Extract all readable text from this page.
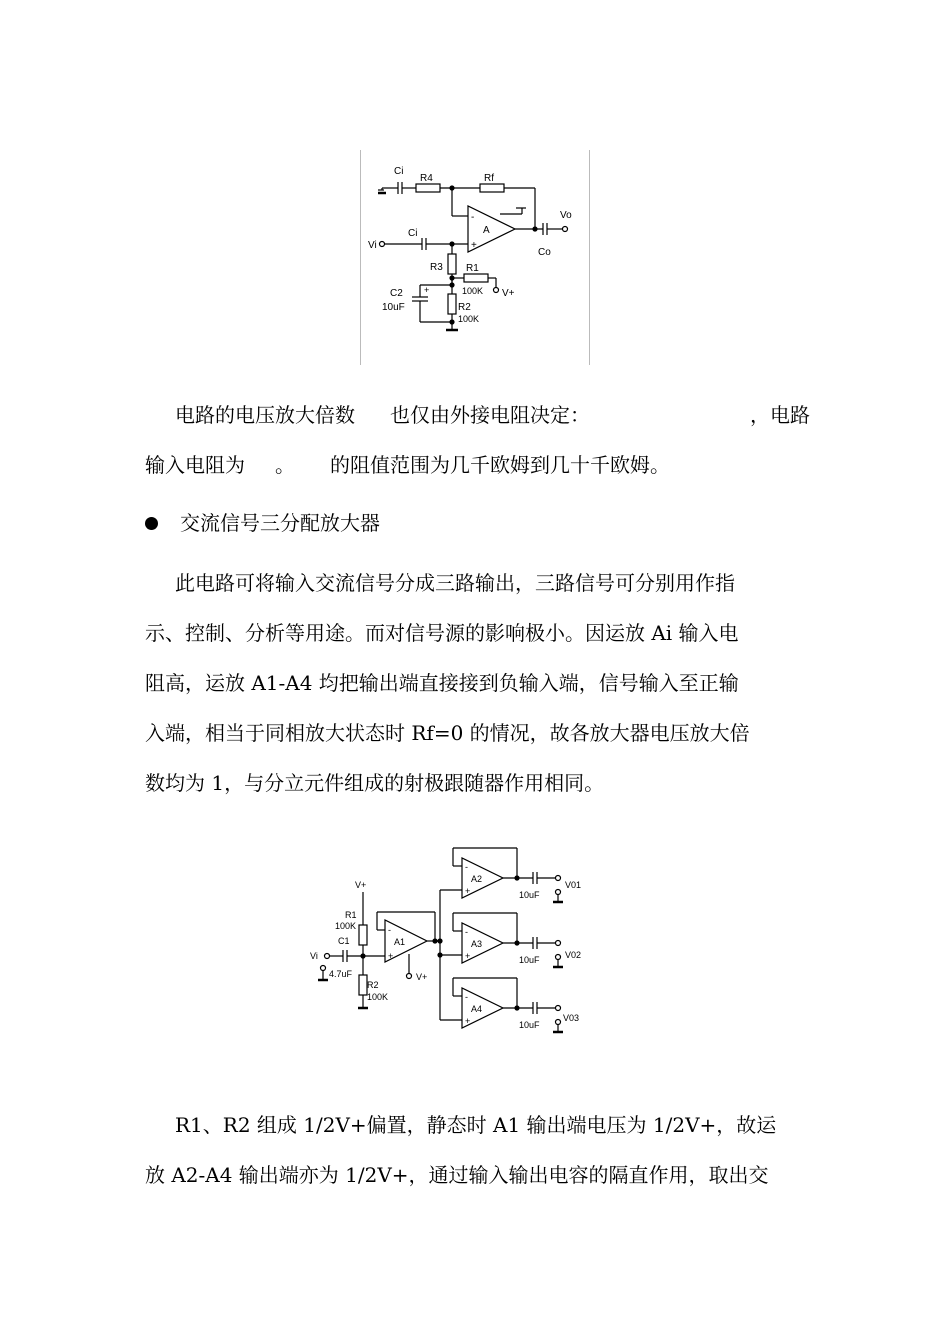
Ci
R4	Rf
Vo
Vi
Ci	A
-
+
Co
R3 R1
100K V+
C2
10uF	R2
100K
+
电路的电压放大倍数 也仅由外接电阻决定：	，电路
输入电阻为 。 的阻值范围为几千欧姆到几十千欧姆。
交流信号三分配放大器
此电路可将输入交流信号分成三路输出，三路信号可分别用作指
示、控制、分析等用途。而对信号源的影响极小。因运放 Ai 输入电
阻高，运放 A1-A4 均把输出端直接接到负输入端，信号输入至正输
入端，相当于同相放大状态时 Rf=0 的情况，故各放大器电压放大倍
数均为 1，与分立元件组成的射极跟随器作用相同。
V+
R1
100K
C1
Vi
4.7uF
R2
100K
A1
-
+
V+
A2
-
+
A3
-
+
A4
-
+
10uF
10uF
10uF
V01
V02
V03
R1、R2 组成 1/2V+偏置，静态时 A1 输出端电压为 1/2V+，故运
放 A2-A4 输出端亦为 1/2V+，通过输入输出电容的隔直作用，取出交
